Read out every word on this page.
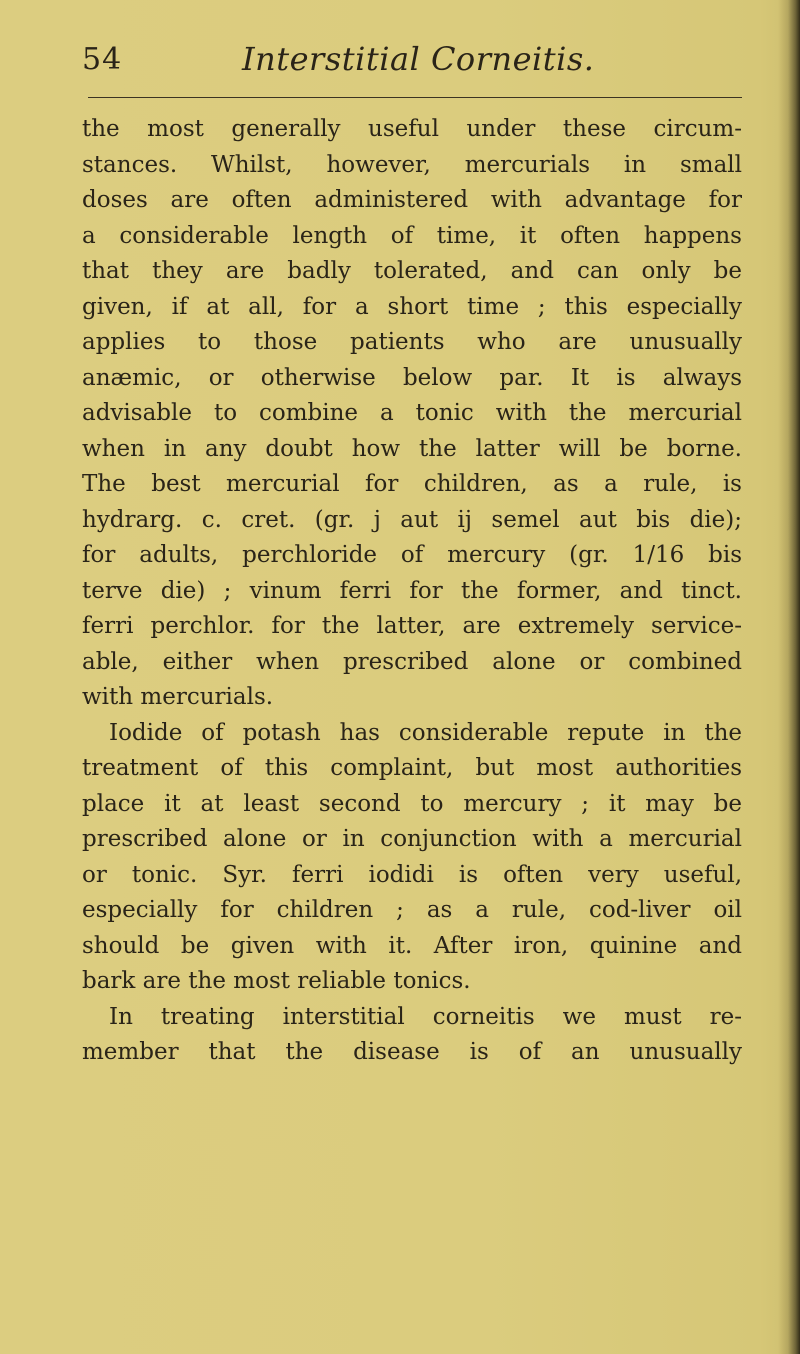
54	Interstitial Corneitis.
the most generally useful under these circum-
stances. Whilst, however, mercurials in small
doses are often administered with advantage for
a considerable length of time, it often happens
that they are badly tolerated, and can only be
given, if at all, for a short time ; this especially
applies to those patients who are unusually
anæmic, or otherwise below par. It is always
advisable to combine a tonic with the mercurial
when in any doubt how the latter will be borne.
The best mercurial for children, as a rule, is
hydrarg. c. cret. (gr. j aut ij semel aut bis die);
for adults, perchloride of mercury (gr. 1/16 bis
terve die) ; vinum ferri for the former, and tinct.
ferri perchlor. for the latter, are extremely service-
able, either when prescribed alone or combined
with mercurials.
Iodide of potash has considerable repute in the
treatment of this complaint, but most authorities
place it at least second to mercury ; it may be
prescribed alone or in conjunction with a mercurial
or tonic. Syr. ferri iodidi is often very useful,
especially for children ; as a rule, cod-liver oil
should be given with it. After iron, quinine and
bark are the most reliable tonics.
In treating interstitial corneitis we must re-
member that the disease is of an unusually
